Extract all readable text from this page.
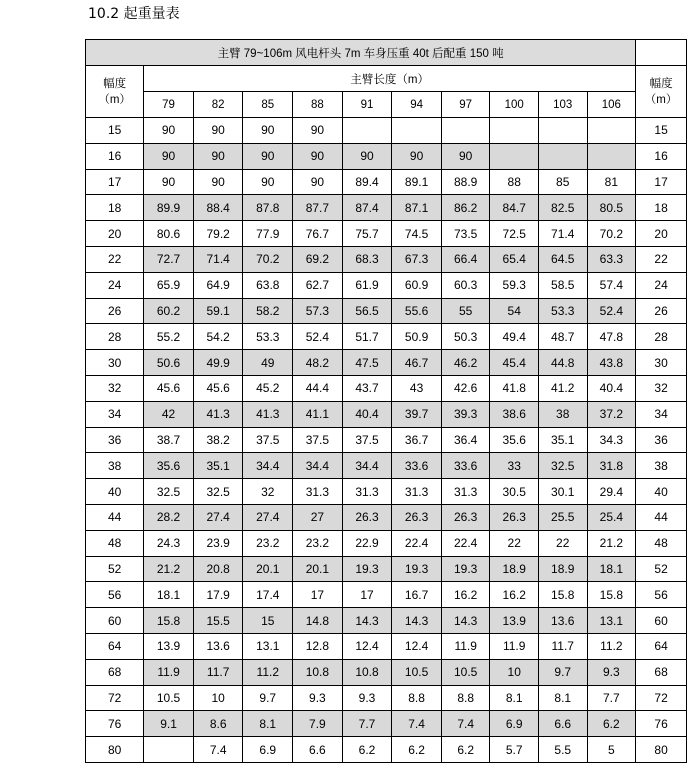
10.2 起重量表
主臂 79~106m 风电杆头 7m 车身压重 40t 后配重 150 吨											
幅度
（m）	主臂长度（m）										幅度
（m）
	79	82	85	88	91	94	97	100	103	106	
15	90	90	90	90							15
16	90	90	90	90	90	90	90				16
17	90	90	90	90	89.4	89.1	88.9	88	85	81	17
18	89.9	88.4	87.8	87.7	87.4	87.1	86.2	84.7	82.5	80.5	18
20	80.6	79.2	77.9	76.7	75.7	74.5	73.5	72.5	71.4	70.2	20
22	72.7	71.4	70.2	69.2	68.3	67.3	66.4	65.4	64.5	63.3	22
24	65.9	64.9	63.8	62.7	61.9	60.9	60.3	59.3	58.5	57.4	24
26	60.2	59.1	58.2	57.3	56.5	55.6	55	54	53.3	52.4	26
28	55.2	54.2	53.3	52.4	51.7	50.9	50.3	49.4	48.7	47.8	28
30	50.6	49.9	49	48.2	47.5	46.7	46.2	45.4	44.8	43.8	30
32	45.6	45.6	45.2	44.4	43.7	43	42.6	41.8	41.2	40.4	32
34	42	41.3	41.3	41.1	40.4	39.7	39.3	38.6	38	37.2	34
36	38.7	38.2	37.5	37.5	37.5	36.7	36.4	35.6	35.1	34.3	36
38	35.6	35.1	34.4	34.4	34.4	33.6	33.6	33	32.5	31.8	38
40	32.5	32.5	32	31.3	31.3	31.3	31.3	30.5	30.1	29.4	40
44	28.2	27.4	27.4	27	26.3	26.3	26.3	26.3	25.5	25.4	44
48	24.3	23.9	23.2	23.2	22.9	22.4	22.4	22	22	21.2	48
52	21.2	20.8	20.1	20.1	19.3	19.3	19.3	18.9	18.9	18.1	52
56	18.1	17.9	17.4	17	17	16.7	16.2	16.2	15.8	15.8	56
60	15.8	15.5	15	14.8	14.3	14.3	14.3	13.9	13.6	13.1	60
64	13.9	13.6	13.1	12.8	12.4	12.4	11.9	11.9	11.7	11.2	64
68	11.9	11.7	11.2	10.8	10.8	10.5	10.5	10	9.7	9.3	68
72	10.5	10	9.7	9.3	9.3	8.8	8.8	8.1	8.1	7.7	72
76	9.1	8.6	8.1	7.9	7.7	7.4	7.4	6.9	6.6	6.2	76
80		7.4	6.9	6.6	6.2	6.2	6.2	5.7	5.5	5	80
